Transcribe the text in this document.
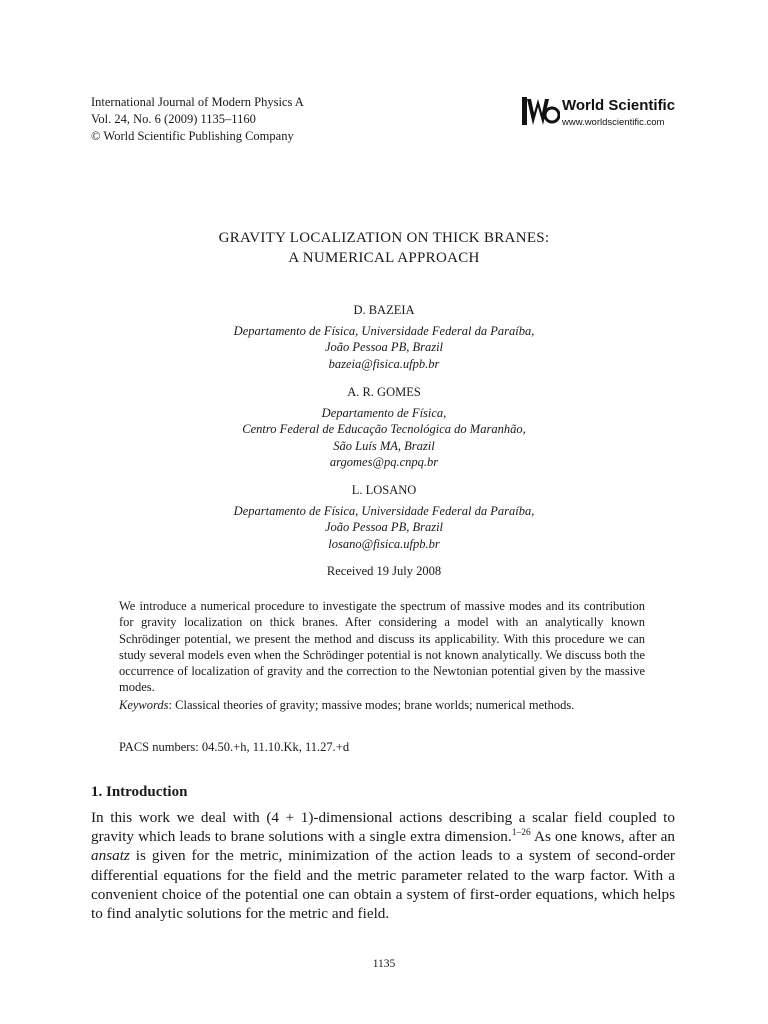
International Journal of Modern Physics A
Vol. 24, No. 6 (2009) 1135–1160
© World Scientific Publishing Company
World Scientific
www.worldscientific.com
GRAVITY LOCALIZATION ON THICK BRANES:
A NUMERICAL APPROACH
D. BAZEIA
Departamento de Física, Universidade Federal da Paraíba,
João Pessoa PB, Brazil
bazeia@fisica.ufpb.br
A. R. GOMES
Departamento de Física,
Centro Federal de Educação Tecnológica do Maranhão,
São Luís MA, Brazil
argomes@pq.cnpq.br
L. LOSANO
Departamento de Física, Universidade Federal da Paraíba,
João Pessoa PB, Brazil
losano@fisica.ufpb.br
Received 19 July 2008
We introduce a numerical procedure to investigate the spectrum of massive modes and its contribution for gravity localization on thick branes. After considering a model with an analytically known Schrödinger potential, we present the method and discuss its applicability. With this procedure we can study several models even when the Schrödinger potential is not known analytically. We discuss both the occurrence of localization of gravity and the correction to the Newtonian potential given by the massive modes.
Keywords: Classical theories of gravity; massive modes; brane worlds; numerical methods.
PACS numbers: 04.50.+h, 11.10.Kk, 11.27.+d
1. Introduction
In this work we deal with (4 + 1)-dimensional actions describing a scalar field coupled to gravity which leads to brane solutions with a single extra dimension.$^{1-26}$ As one knows, after an ansatz is given for the metric, minimization of the action leads to a system of second-order differential equations for the field and the metric parameter related to the warp factor. With a convenient choice of the potential one can obtain a system of first-order equations, which helps to find analytic solutions for the metric and field.
1135
